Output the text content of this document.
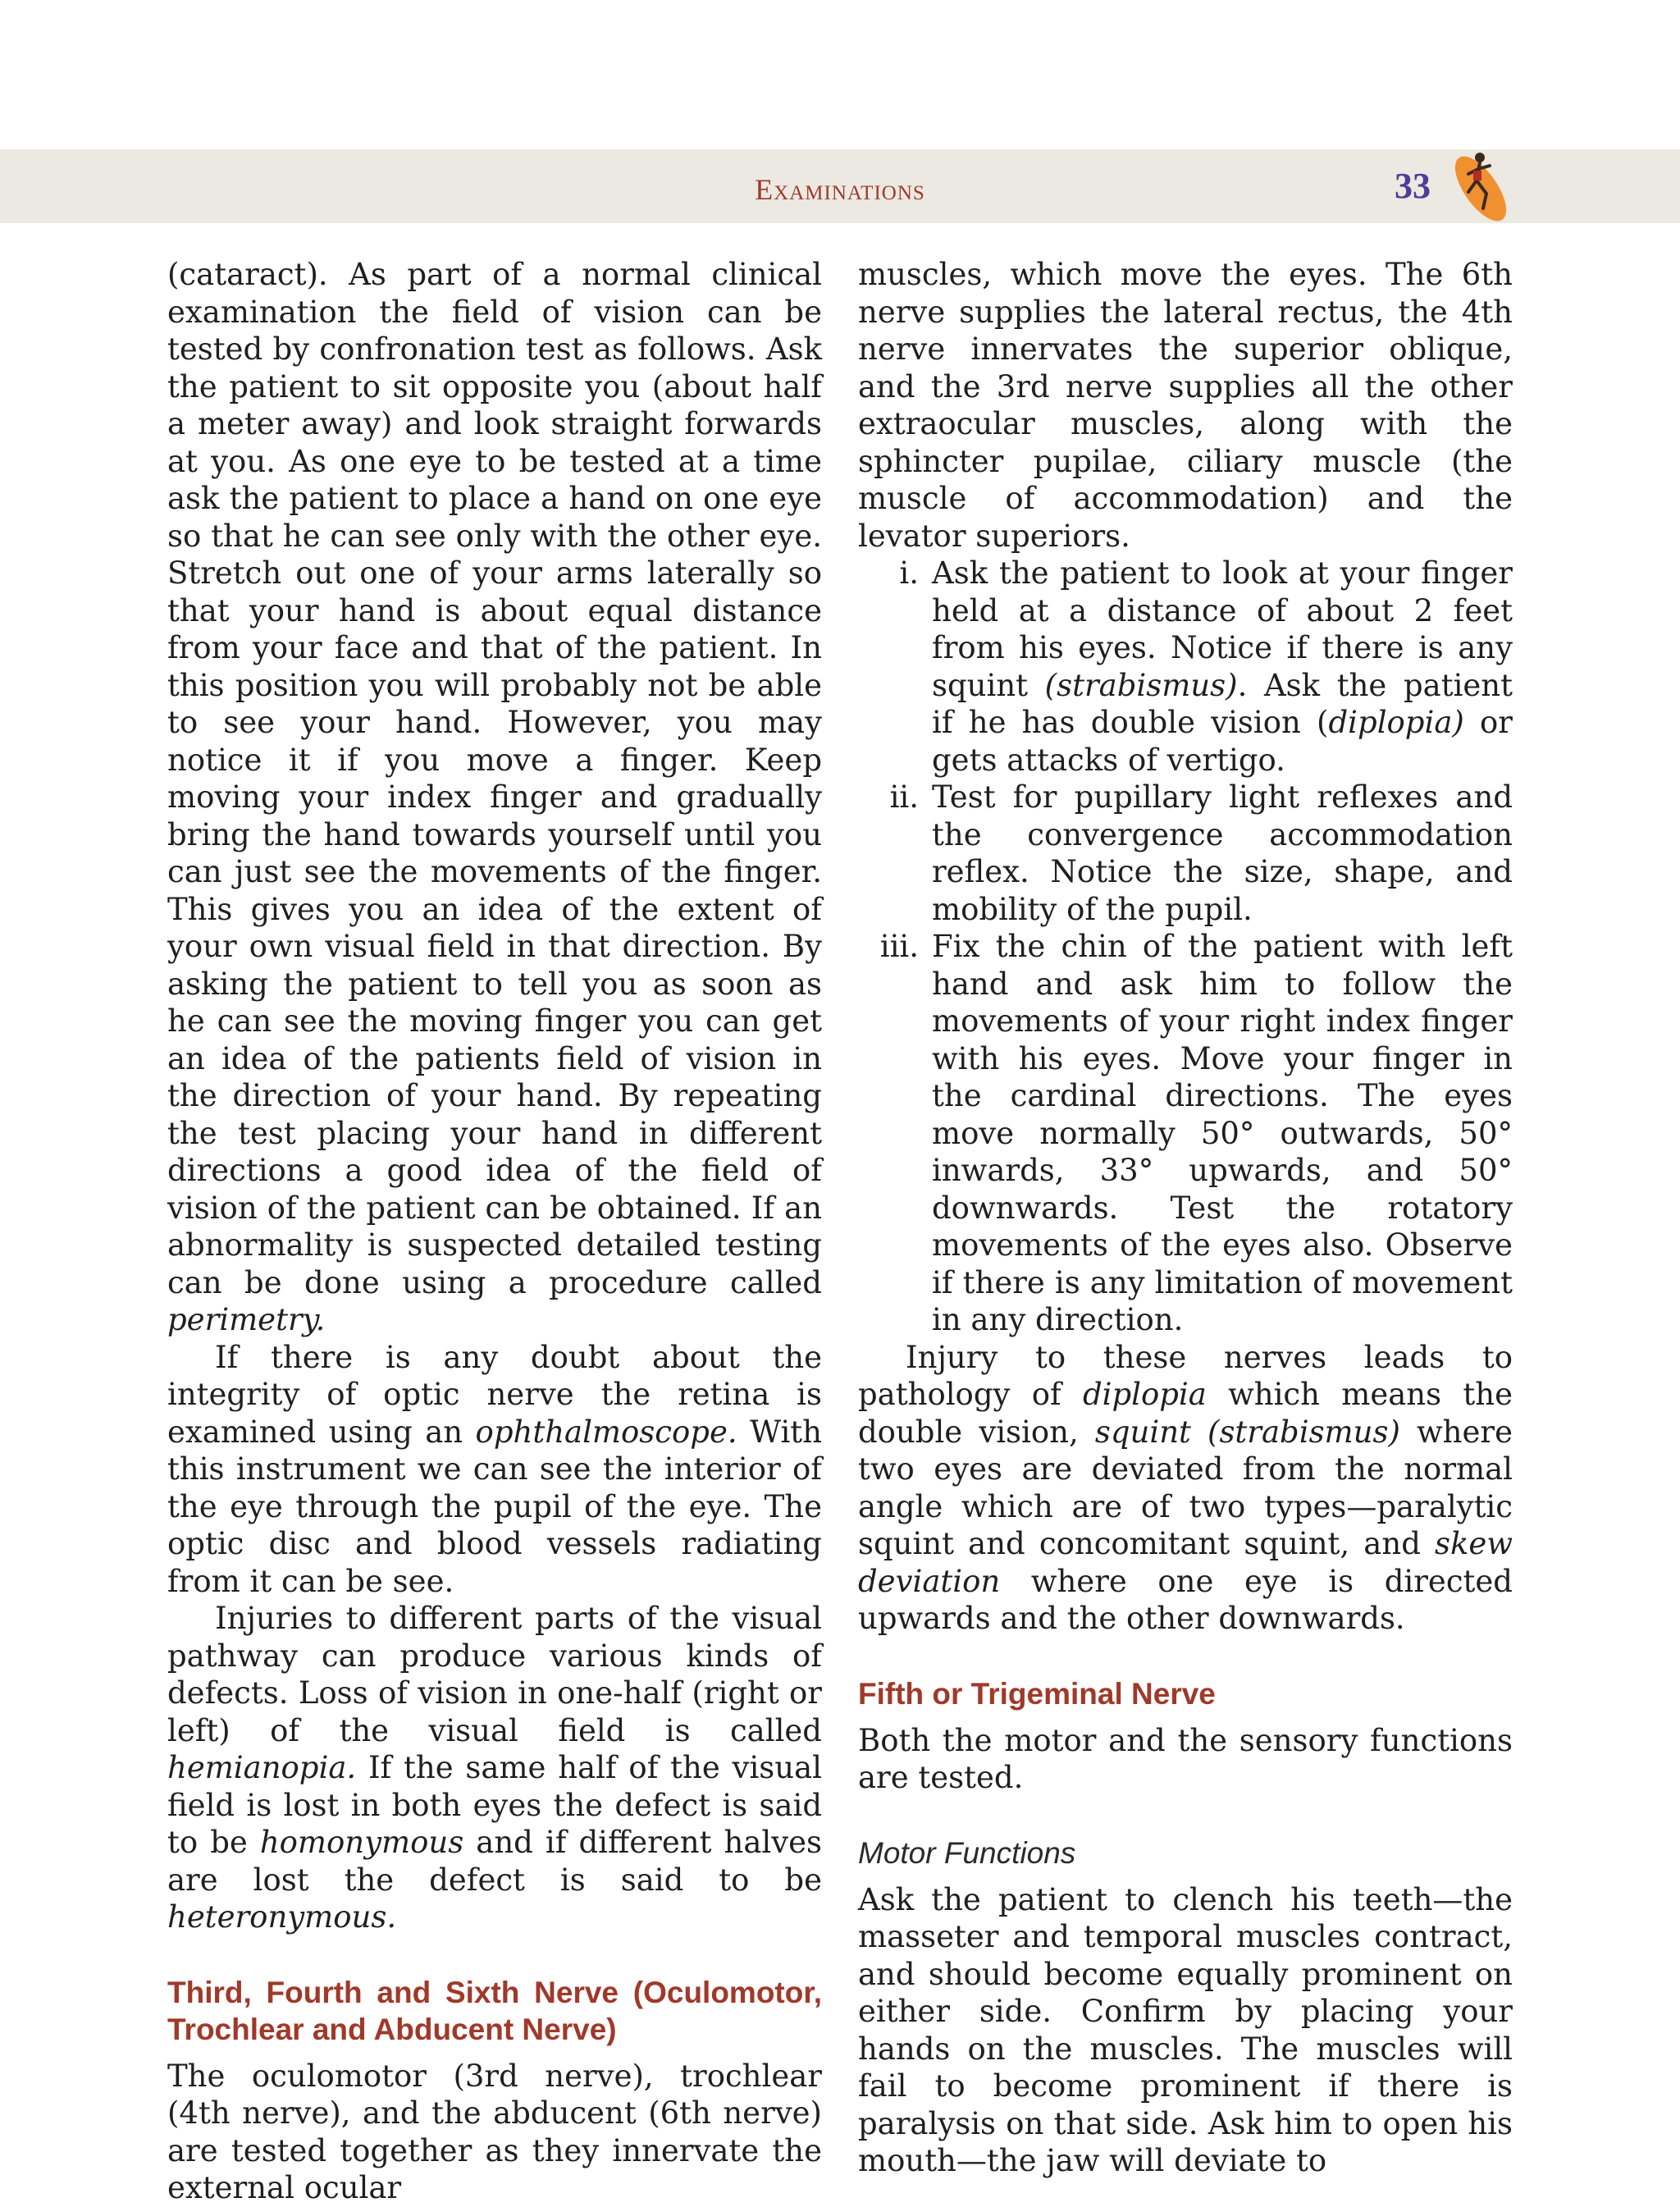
Examinations	33

(cataract). As part of a normal clinical examination the field of vision can be tested by confronation test as follows. Ask the patient to sit opposite you (about half a meter away) and look straight forwards at you. As one eye to be tested at a time ask the patient to place a hand on one eye so that he can see only with the other eye. Stretch out one of your arms laterally so that your hand is about equal distance from your face and that of the patient. In this position you will probably not be able to see your hand. However, you may notice it if you move a finger. Keep moving your index finger and gradually bring the hand towards yourself until you can just see the movements of the finger. This gives you an idea of the extent of your own visual field in that direction. By asking the patient to tell you as soon as he can see the moving finger you can get an idea of the patients field of vision in the direction of your hand. By repeating the test placing your hand in different directions a good idea of the field of vision of the patient can be obtained. If an abnormality is suspected detailed testing can be done using a procedure called perimetry.

If there is any doubt about the integrity of optic nerve the retina is examined using an ophthalmoscope. With this instrument we can see the interior of the eye through the pupil of the eye. The optic disc and blood vessels radiating from it can be see.

Injuries to different parts of the visual pathway can produce various kinds of defects. Loss of vision in one-half (right or left) of the visual field is called hemianopia. If the same half of the visual field is lost in both eyes the defect is said to be homonymous and if different halves are lost the defect is said to be heteronymous.

Third, Fourth and Sixth Nerve (Oculomotor, Trochlear and Abducent Nerve)

The oculomotor (3rd nerve), trochlear (4th nerve), and the abducent (6th nerve) are tested together as they innervate the external ocular

muscles, which move the eyes. The 6th nerve supplies the lateral rectus, the 4th nerve innervates the superior oblique, and the 3rd nerve supplies all the other extraocular muscles, along with the sphincter pupilae, ciliary muscle (the muscle of accommodation) and the levator superiors.

i. Ask the patient to look at your finger held at a distance of about 2 feet from his eyes. Notice if there is any squint (strabismus). Ask the patient if he has double vision (diplopia) or gets attacks of vertigo.
ii. Test for pupillary light reflexes and the convergence accommodation reflex. Notice the size, shape, and mobility of the pupil.
iii. Fix the chin of the patient with left hand and ask him to follow the movements of your right index finger with his eyes. Move your finger in the cardinal directions. The eyes move normally 50° outwards, 50° inwards, 33° upwards, and 50° downwards. Test the rotatory movements of the eyes also. Observe if there is any limitation of movement in any direction.

Injury to these nerves leads to pathology of diplopia which means the double vision, squint (strabismus) where two eyes are deviated from the normal angle which are of two types—paralytic squint and concomitant squint, and skew deviation where one eye is directed upwards and the other downwards.

Fifth or Trigeminal Nerve

Both the motor and the sensory functions are tested.

Motor Functions

Ask the patient to clench his teeth—the masseter and temporal muscles contract, and should become equally prominent on either side. Confirm by placing your hands on the muscles. The muscles will fail to become prominent if there is paralysis on that side. Ask him to open his mouth—the jaw will deviate to
